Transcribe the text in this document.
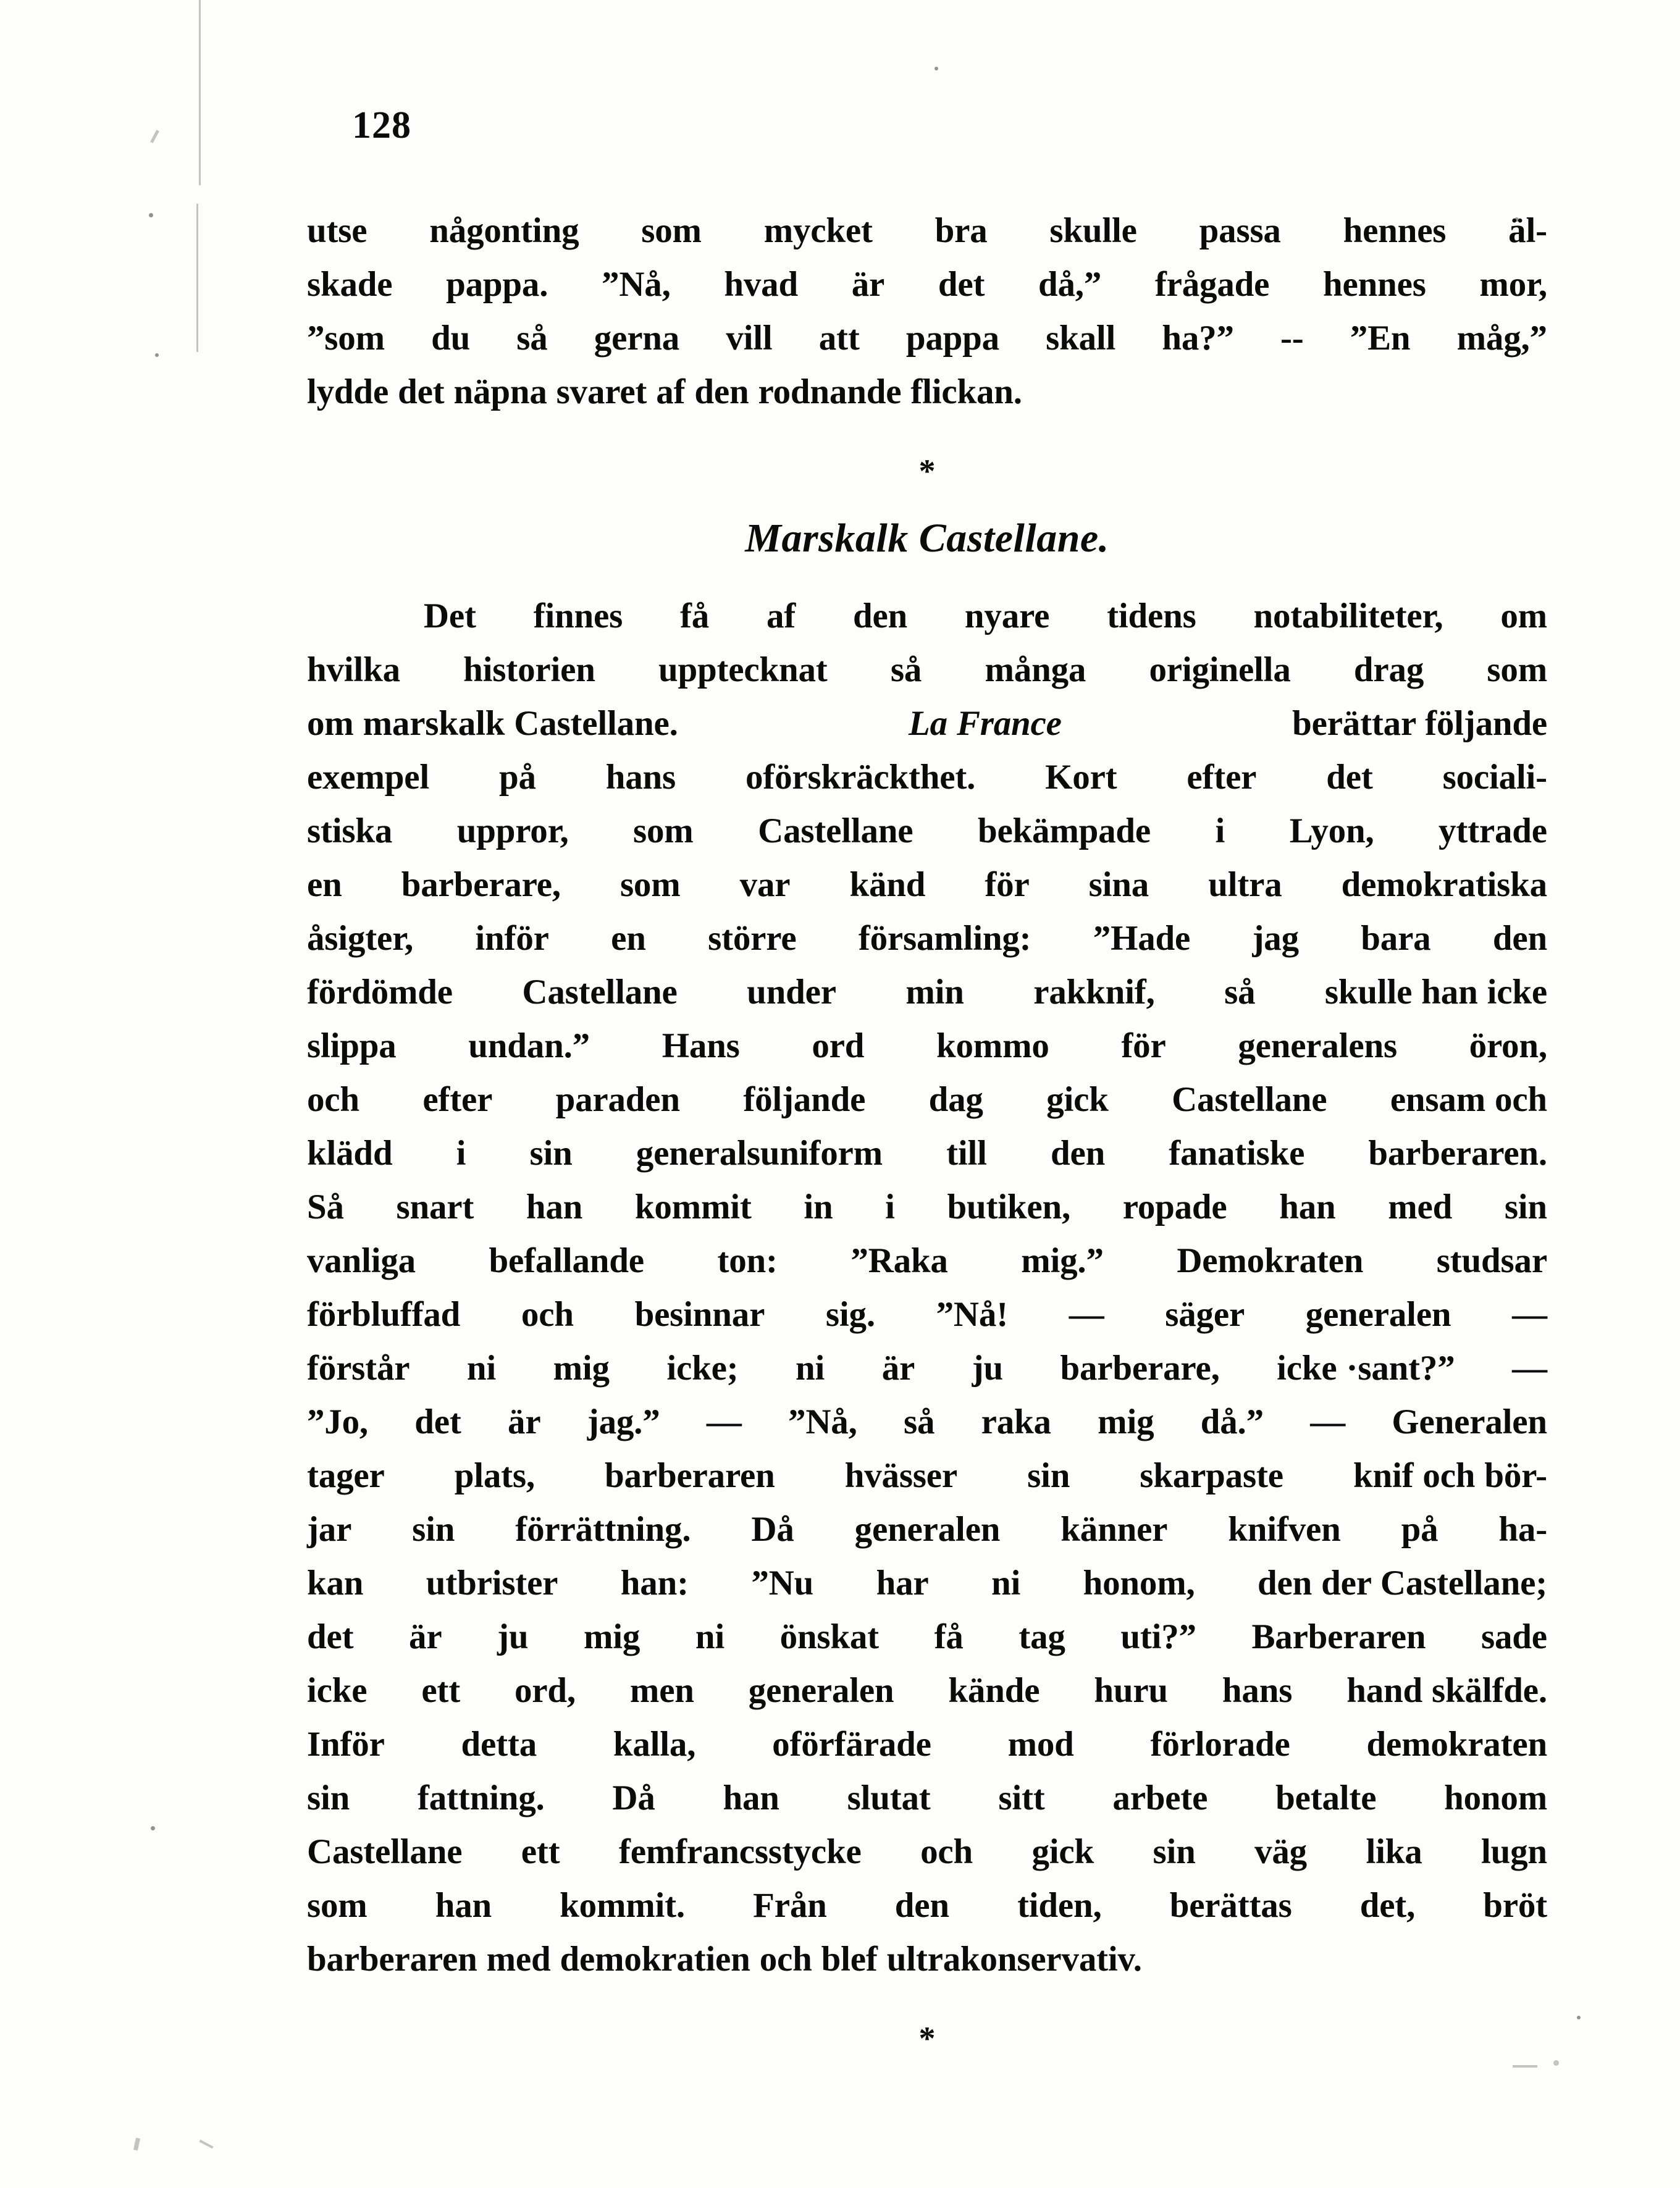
128

utse någonting som mycket bra skulle passa hennes äl-
skade pappa. ”Nå, hvad är det då,” frågade hennes mor,
”som du så gerna vill att pappa skall ha?” -- ”En måg,”
lydde det näpna svaret af den rodnande flickan.

*
Marskalk Castellane.

Det finnes få af den nyare tidens notabiliteter, om
hvilka historien upptecknat så många originella drag som
om marskalk Castellane.	La France	berättar följande
exempel på hans oförskräckthet. Kort efter det sociali-
stiska uppror, som Castellane bekämpade i Lyon, yttrade
en barberare, som var känd för sina ultra demokratiska
åsigter, inför en större församling: ”Hade jag bara den
fördömde Castellane under min rakknif, så skulle han icke
slippa undan.” Hans ord kommo för generalens öron,
och efter paraden följande dag gick Castellane ensam och
klädd i sin generalsuniform till den fanatiske barberaren.
Så snart han kommit in i butiken, ropade han med sin
vanliga befallande ton: ”Raka mig.” Demokraten studsar
förbluffad och besinnar sig. ”Nå! — säger generalen —
förstår ni mig icke; ni är ju barberare, icke ·sant?” —
”Jo, det är jag.” — ”Nå, så raka mig då.” — Generalen
tager plats, barberaren hvässer sin skarpaste knif och bör-
jar sin förrättning. Då generalen känner knifven på ha-
kan utbrister han: ”Nu har ni honom, den der Castellane;
det är ju mig ni önskat få tag uti?” Barberaren sade
icke ett ord, men generalen kände huru hans hand skälfde.
Inför detta kalla, oförfärade mod förlorade demokraten
sin fattning. Då han slutat sitt arbete betalte honom
Castellane ett femfrancsstycke och gick sin väg lika lugn
som han kommit. Från den tiden, berättas det, bröt
barberaren med demokratien och blef ultrakonservativ.

*
